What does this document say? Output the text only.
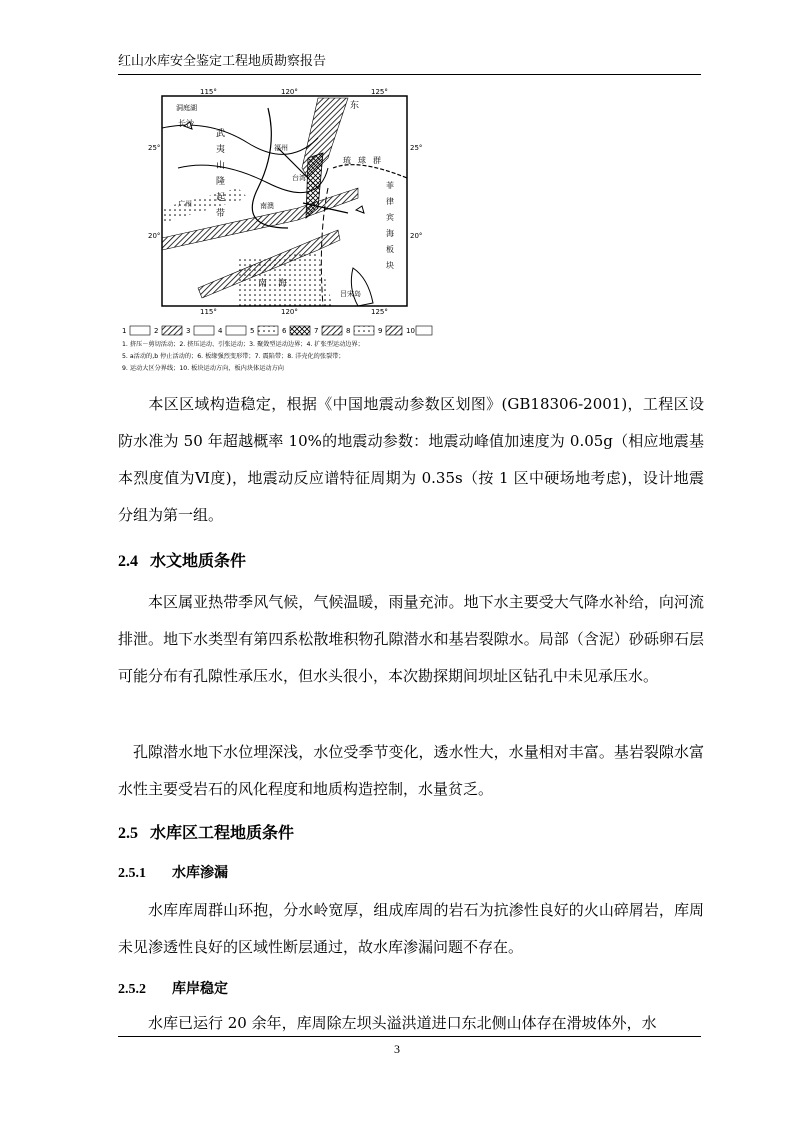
红山水库安全鉴定工程地质勘察报告
115°	120°	125°
115°	120°	125°
25°
20°
25°
20°
洞庭湖
长沙
武
夷
山
隆
起
带
福州
台湾
东
琉 球 群
菲
律
宾
海
板
块
广州	南澳
南 海
吕宋岛
1	2	3	4	5	6	7	8	9	10
1. 挤压－剪切活动；2. 挤压运动、引张运动；3. 聚敛型运动边界；4. 扩张型运动边界；
5. a活动的,b 停止活动的；6. 板缘强烈变形带；7. 震陷带；8. 洋壳化的张裂带；
9. 运动大区分界线；10. 板块运动方向，板内块体运动方向

本区区域构造稳定，根据《中国地震动参数区划图》(GB18306-2001)，工程区设防水准为 50 年超越概率 10%的地震动参数：地震动峰值加速度为 0.05g（相应地震基本烈度值为Ⅵ度)，地震动反应谱特征周期为 0.35s（按 1 区中硬场地考虑)，设计地震分组为第一组。

2.4 水文地质条件

本区属亚热带季风气候，气候温暖，雨量充沛。地下水主要受大气降水补给，向河流排泄。地下水类型有第四系松散堆积物孔隙潜水和基岩裂隙水。局部（含泥）砂砾卵石层可能分布有孔隙性承压水，但水头很小，本次勘探期间坝址区钻孔中未见承压水。

孔隙潜水地下水位埋深浅，水位受季节变化，透水性大，水量相对丰富。基岩裂隙水富水性主要受岩石的风化程度和地质构造控制，水量贫乏。

2.5 水库区工程地质条件
2.5.1 水库渗漏

水库库周群山环抱，分水岭宽厚，组成库周的岩石为抗渗性良好的火山碎屑岩，库周未见渗透性良好的区域性断层通过，故水库渗漏问题不存在。

2.5.2 库岸稳定

水库已运行 20 余年，库周除左坝头溢洪道进口东北侧山体存在滑坡体外，水

3
